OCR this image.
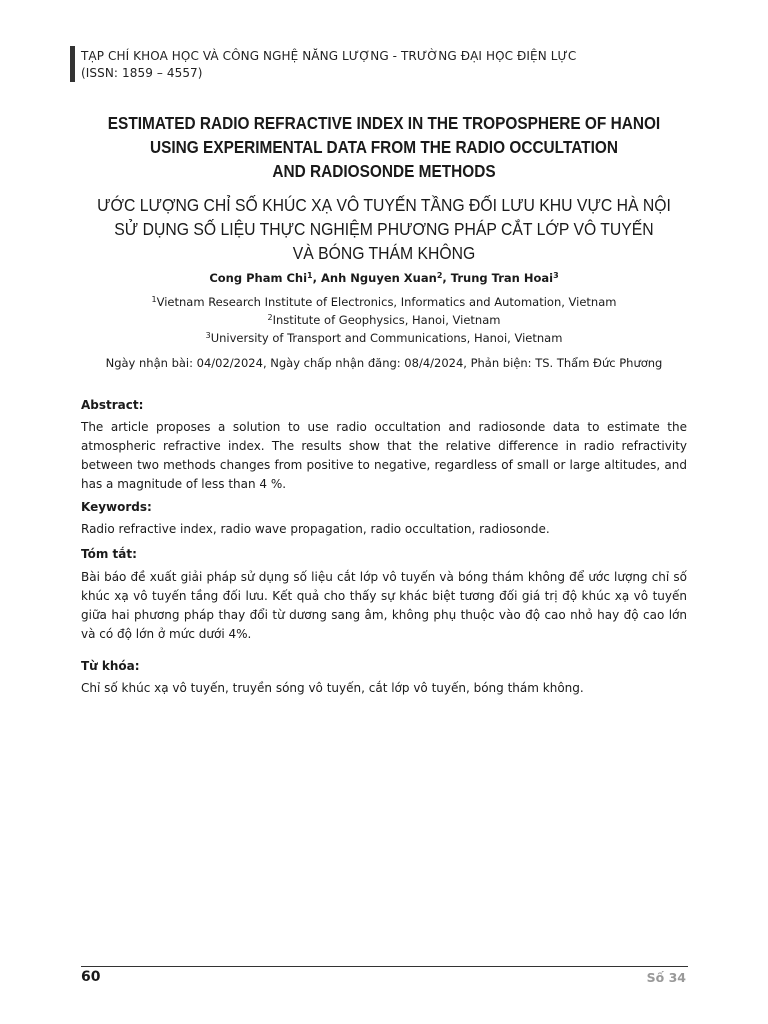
TẠP CHÍ KHOA HỌC VÀ CÔNG NGHỆ NĂNG LƯỢNG - TRƯỜNG ĐẠI HỌC ĐIỆN LỰC
(ISSN: 1859 – 4557)
ESTIMATED RADIO REFRACTIVE INDEX IN THE TROPOSPHERE OF HANOI
USING EXPERIMENTAL DATA FROM THE RADIO OCCULTATION
AND RADIOSONDE METHODS
ƯỚC LƯỢNG CHỈ SỐ KHÚC XẠ VÔ TUYẾN TẦNG ĐỐI LƯU KHU VỰC HÀ NỘI
SỬ DỤNG SỐ LIỆU THỰC NGHIỆM PHƯƠNG PHÁP CẮT LỚP VÔ TUYẾN
VÀ BÓNG THÁM KHÔNG
Cong Pham Chi$^1$, Anh Nguyen Xuan$^2$, Trung Tran Hoai$^3$
$^1$Vietnam Research Institute of Electronics, Informatics and Automation, Vietnam
$^2$Institute of Geophysics, Hanoi, Vietnam
$^3$University of Transport and Communications, Hanoi, Vietnam
Ngày nhận bài: 04/02/2024, Ngày chấp nhận đăng: 08/4/2024, Phản biện: TS. Thẩm Đức Phương
Abstract:
The article proposes a solution to use radio occultation and radiosonde data to estimate the atmospheric refractive index. The results show that the relative difference in radio refractivity between two methods changes from positive to negative, regardless of small or large altitudes, and has a magnitude of less than 4 %.
Keywords:
Radio refractive index, radio wave propagation, radio occultation, radiosonde.
Tóm tắt:
Bài báo đề xuất giải pháp sử dụng số liệu cắt lớp vô tuyến và bóng thám không để ước lượng chỉ số khúc xạ vô tuyến tầng đối lưu. Kết quả cho thấy sự khác biệt tương đối giá trị độ khúc xạ vô tuyến giữa hai phương pháp thay đổi từ dương sang âm, không phụ thuộc vào độ cao nhỏ hay độ cao lớn và có độ lớn ở mức dưới 4%.
Từ khóa:
Chỉ số khúc xạ vô tuyến, truyền sóng vô tuyến, cắt lớp vô tuyến, bóng thám không.
60	Số 34
